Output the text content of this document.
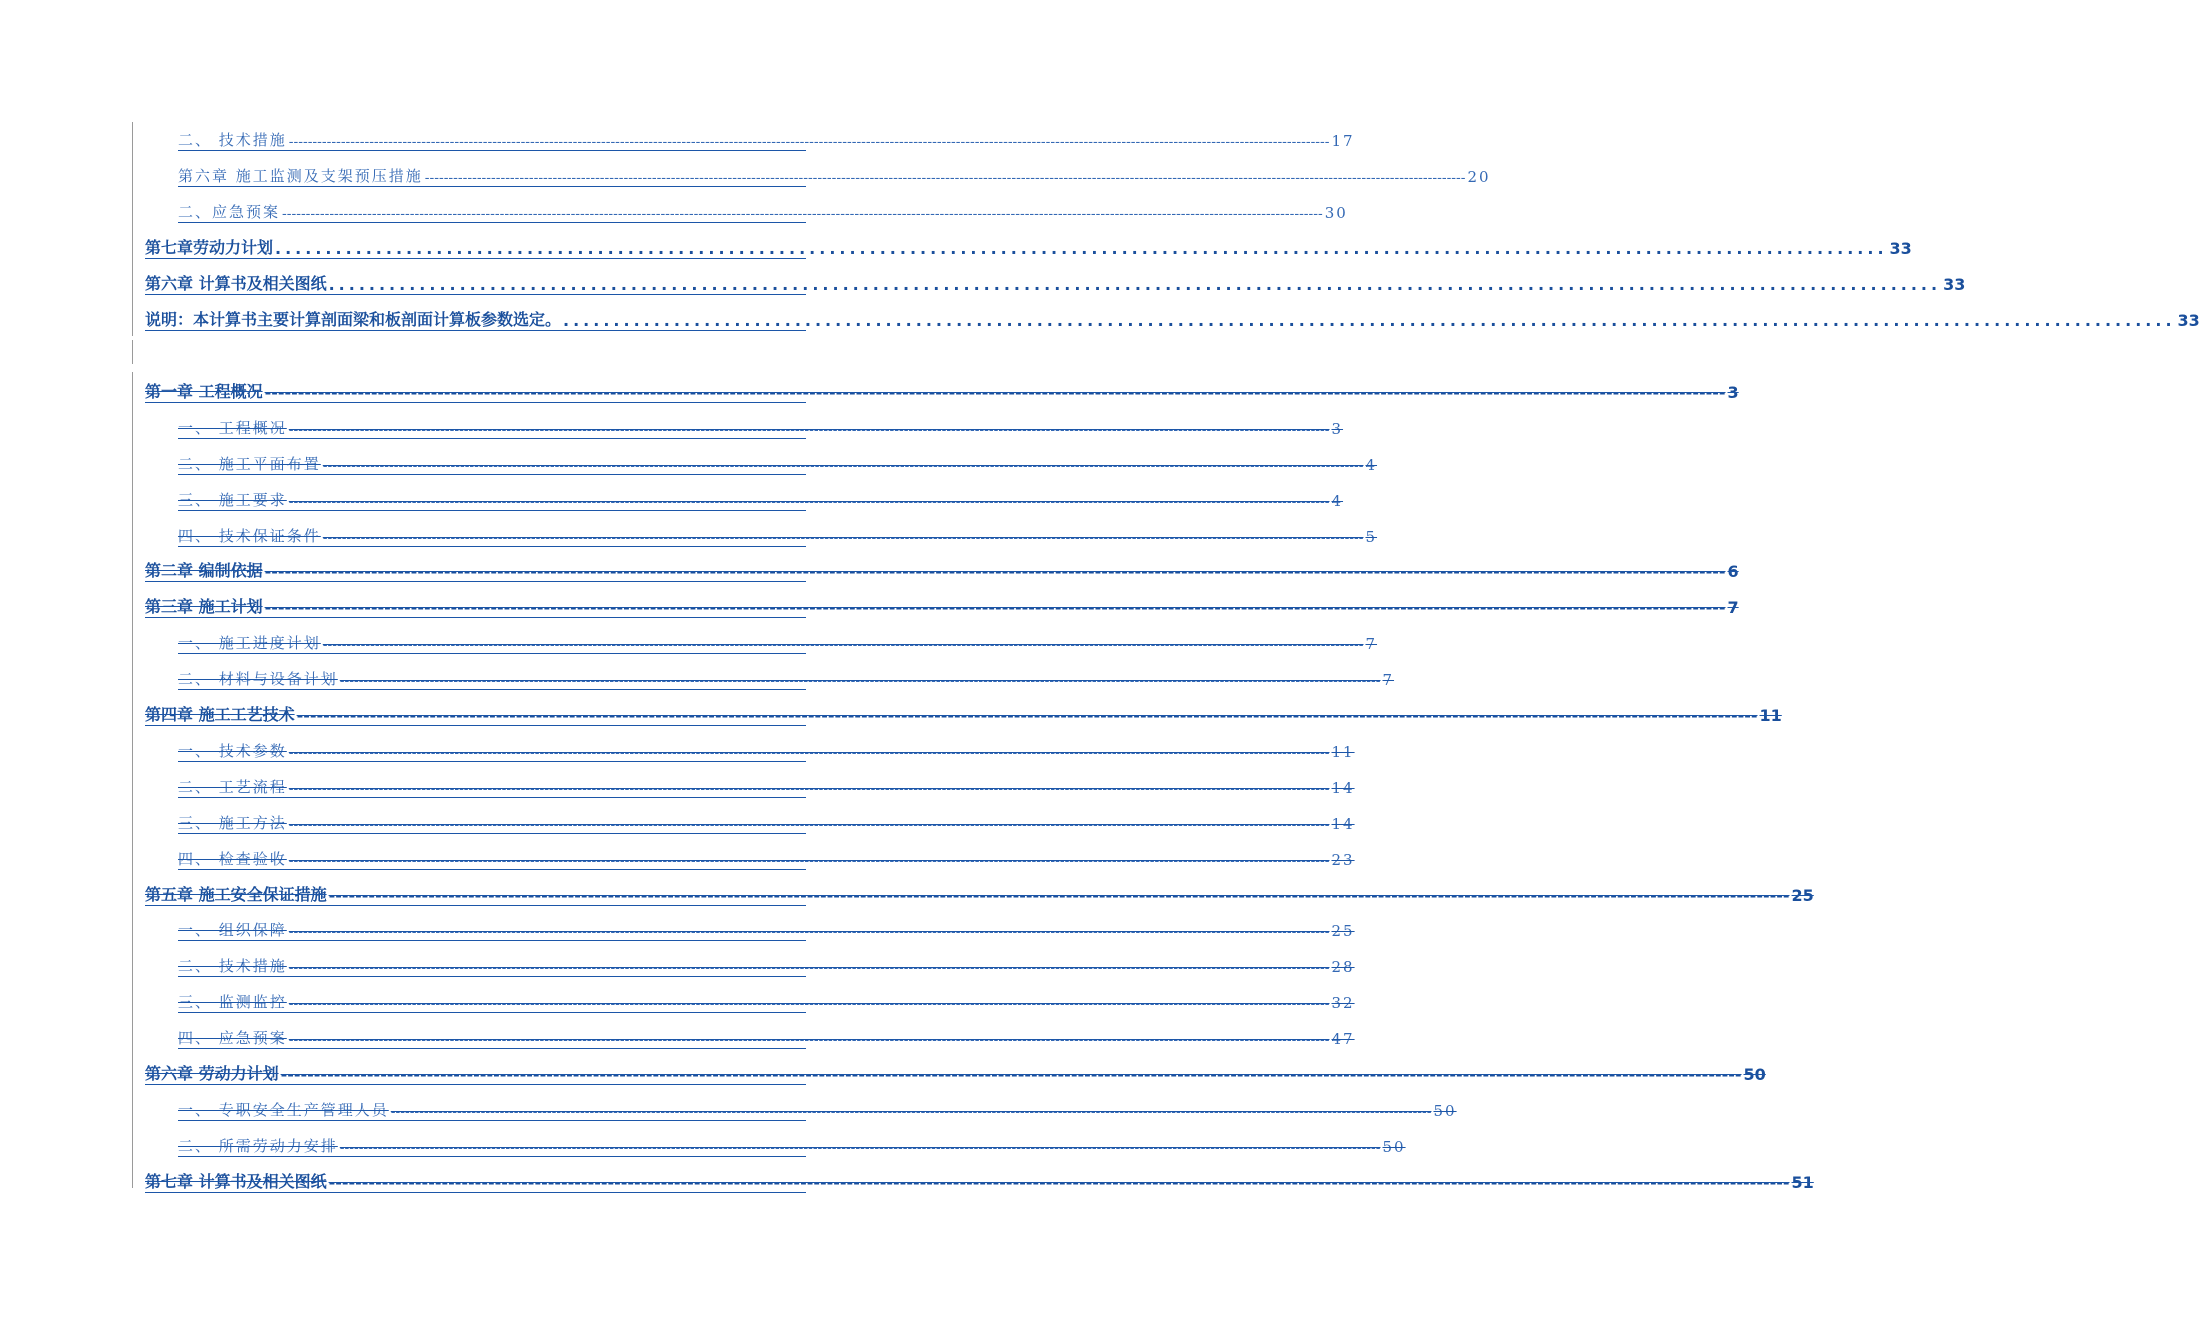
二、 技术措施 ---------------------------------------------------------------------------------------------------------------------------------------------------------------------------------------------------------------------------- 17
第六章 施工监测及支架预压措施 ---------------------------------------------------------------------------------------------------------------------------------------------------------------------------------------------------------------------------- 20
二、应急预案 ---------------------------------------------------------------------------------------------------------------------------------------------------------------------------------------------------------------------------- 30
第七章劳动力计划 ................................................................................................................................................................ 33
第六章 计算书及相关图纸 ................................................................................................................................................................ 33
说明：本计算书主要计算剖面梁和板剖面计算板参数选定。 ................................................................................................................................................................ 33
第一章 工程概况 ---------------------------------------------------------------------------------------------------------------------------------------------------------------------------------------------------------------------------- 3
一、 工程概况 ---------------------------------------------------------------------------------------------------------------------------------------------------------------------------------------------------------------------------- 3
二、 施工平面布置 ---------------------------------------------------------------------------------------------------------------------------------------------------------------------------------------------------------------------------- 4
三、 施工要求 ---------------------------------------------------------------------------------------------------------------------------------------------------------------------------------------------------------------------------- 4
四、 技术保证条件 ---------------------------------------------------------------------------------------------------------------------------------------------------------------------------------------------------------------------------- 5
第二章 编制依据 ---------------------------------------------------------------------------------------------------------------------------------------------------------------------------------------------------------------------------- 6
第三章 施工计划 ---------------------------------------------------------------------------------------------------------------------------------------------------------------------------------------------------------------------------- 7
一、 施工进度计划 ---------------------------------------------------------------------------------------------------------------------------------------------------------------------------------------------------------------------------- 7
二、 材料与设备计划 ---------------------------------------------------------------------------------------------------------------------------------------------------------------------------------------------------------------------------- 7
第四章 施工工艺技术 ---------------------------------------------------------------------------------------------------------------------------------------------------------------------------------------------------------------------------- 11
一、 技术参数 ---------------------------------------------------------------------------------------------------------------------------------------------------------------------------------------------------------------------------- 11
二、 工艺流程 ---------------------------------------------------------------------------------------------------------------------------------------------------------------------------------------------------------------------------- 14
三、 施工方法 ---------------------------------------------------------------------------------------------------------------------------------------------------------------------------------------------------------------------------- 14
四、 检查验收 ---------------------------------------------------------------------------------------------------------------------------------------------------------------------------------------------------------------------------- 23
第五章 施工安全保证措施 ---------------------------------------------------------------------------------------------------------------------------------------------------------------------------------------------------------------------------- 25
一、 组织保障 ---------------------------------------------------------------------------------------------------------------------------------------------------------------------------------------------------------------------------- 25
二、 技术措施 ---------------------------------------------------------------------------------------------------------------------------------------------------------------------------------------------------------------------------- 28
三、 监测监控 ---------------------------------------------------------------------------------------------------------------------------------------------------------------------------------------------------------------------------- 32
四、 应急预案 ---------------------------------------------------------------------------------------------------------------------------------------------------------------------------------------------------------------------------- 47
第六章 劳动力计划 ---------------------------------------------------------------------------------------------------------------------------------------------------------------------------------------------------------------------------- 50
一、 专职安全生产管理人员 ---------------------------------------------------------------------------------------------------------------------------------------------------------------------------------------------------------------------------- 50
二、 所需劳动力安排 ---------------------------------------------------------------------------------------------------------------------------------------------------------------------------------------------------------------------------- 50
第七章 计算书及相关图纸 ---------------------------------------------------------------------------------------------------------------------------------------------------------------------------------------------------------------------------- 51
